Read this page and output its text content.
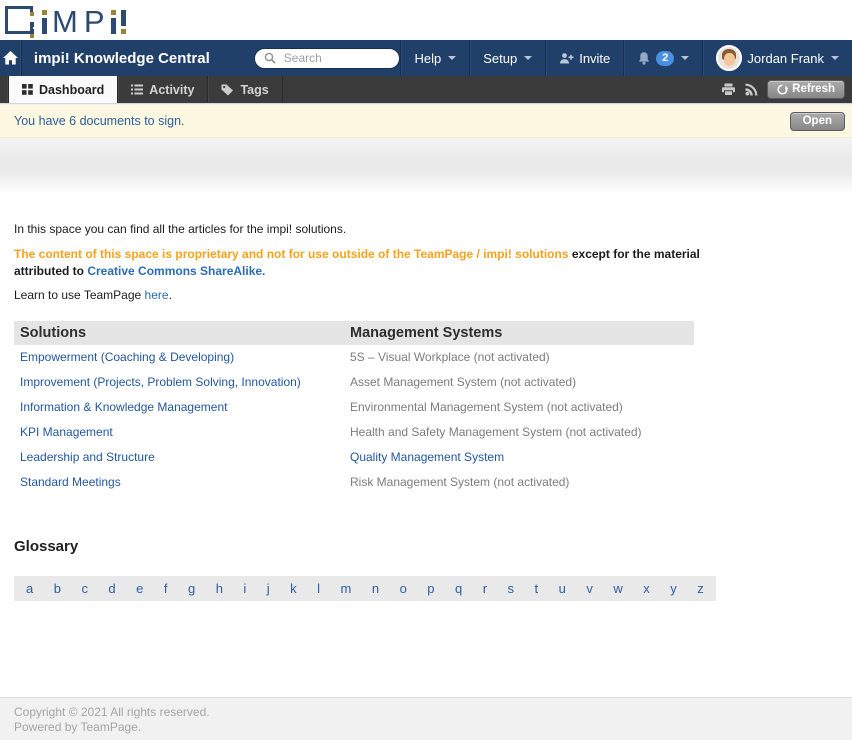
M P
impi! Knowledge Central
Search	Help	Setup	Invite	2	Jordan Frank
Dashboard	Activity	Tags	Refresh
You have 6 documents to sign.	Open

In this space you can find all the articles for the impi! solutions.

The content of this space is proprietary and not for use outside of the TeamPage / impi! solutions except for the material attributed to Creative Commons ShareAlike.

Learn to use TeamPage here.

Solutions	Management Systems
Empowerment (Coaching & Developing)	5S – Visual Workplace (not activated)
Improvement (Projects, Problem Solving, Innovation)	Asset Management System (not activated)
Information & Knowledge Management	Environmental Management System (not activated)
KPI Management	Health and Safety Management System (not activated)
Leadership and Structure	Quality Management System
Standard Meetings	Risk Management System (not activated)
Glossary
a b c d e f g h i j k l m n o p q r s t u v w x y z
Copyright © 2021 All rights reserved.
Powered by TeamPage.
